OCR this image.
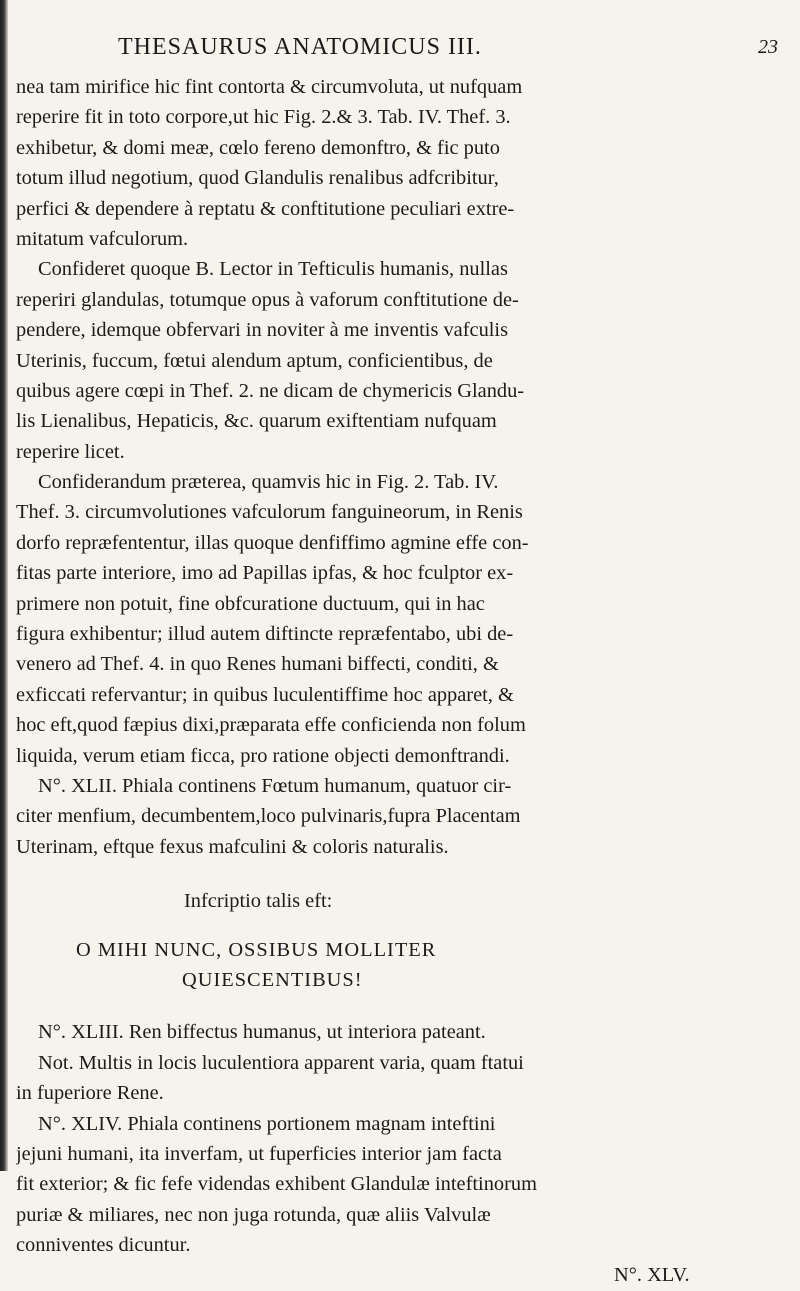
THESAURUS ANATOMICUS III.	23
nea tam mirifice hic fint contorta & circumvoluta, ut nufquam
reperire fit in toto corpore,ut hic Fig. 2.& 3. Tab. IV. Thef. 3.
exhibetur, & domi meæ, cœlo fereno demonftro, & fic puto
totum illud negotium, quod Glandulis renalibus adfcribitur,
perfici & dependere à reptatu & conftitutione peculiari extre-
mitatum vafculorum.
Confideret quoque B. Lector in Tefticulis humanis, nullas
reperiri glandulas, totumque opus à vaforum conftitutione de-
pendere, idemque obfervari in noviter à me inventis vafculis
Uterinis, fuccum, fœtui alendum aptum, conficientibus, de
quibus agere cœpi in Thef. 2. ne dicam de chymericis Glandu-
lis Lienalibus, Hepaticis, &c. quarum exiftentiam nufquam
reperire licet.
Confiderandum præterea, quamvis hic in Fig. 2. Tab. IV.
Thef. 3. circumvolutiones vafculorum fanguineorum, in Renis
dorfo repræfententur, illas quoque denfiffimo agmine effe con-
fitas parte interiore, imo ad Papillas ipfas, & hoc fculptor ex-
primere non potuit, fine obfcuratione ductuum, qui in hac
figura exhibentur; illud autem diftincte repræfentabo, ubi de-
venero ad Thef. 4. in quo Renes humani biffecti, conditi, &
exficcati refervantur; in quibus luculentiffime hoc apparet, &
hoc eft,quod fæpius dixi,præparata effe conficienda non folum
liquida, verum etiam ficca, pro ratione objecti demonftrandi.
N°. XLII. Phiala continens Fœtum humanum, quatuor cir-
citer menfium, decumbentem,loco pulvinaris,fupra Placentam
Uterinam, eftque fexus mafculini & coloris naturalis.
Infcriptio talis eft:
O MIHI NUNC, OSSIBUS MOLLITER
QUIESCENTIBUS!
N°. XLIII. Ren biffectus humanus, ut interiora pateant.
Not. Multis in locis luculentiora apparent varia, quam ftatui
in fuperiore Rene.
N°. XLIV. Phiala continens portionem magnam inteftini
jejuni humani, ita inverfam, ut fuperficies interior jam facta
fit exterior; & fic fefe videndas exhibent Glandulæ inteftinorum
puriæ & miliares, nec non juga rotunda, quæ aliis Valvulæ
conniventes dicuntur.
N°. XLV.
